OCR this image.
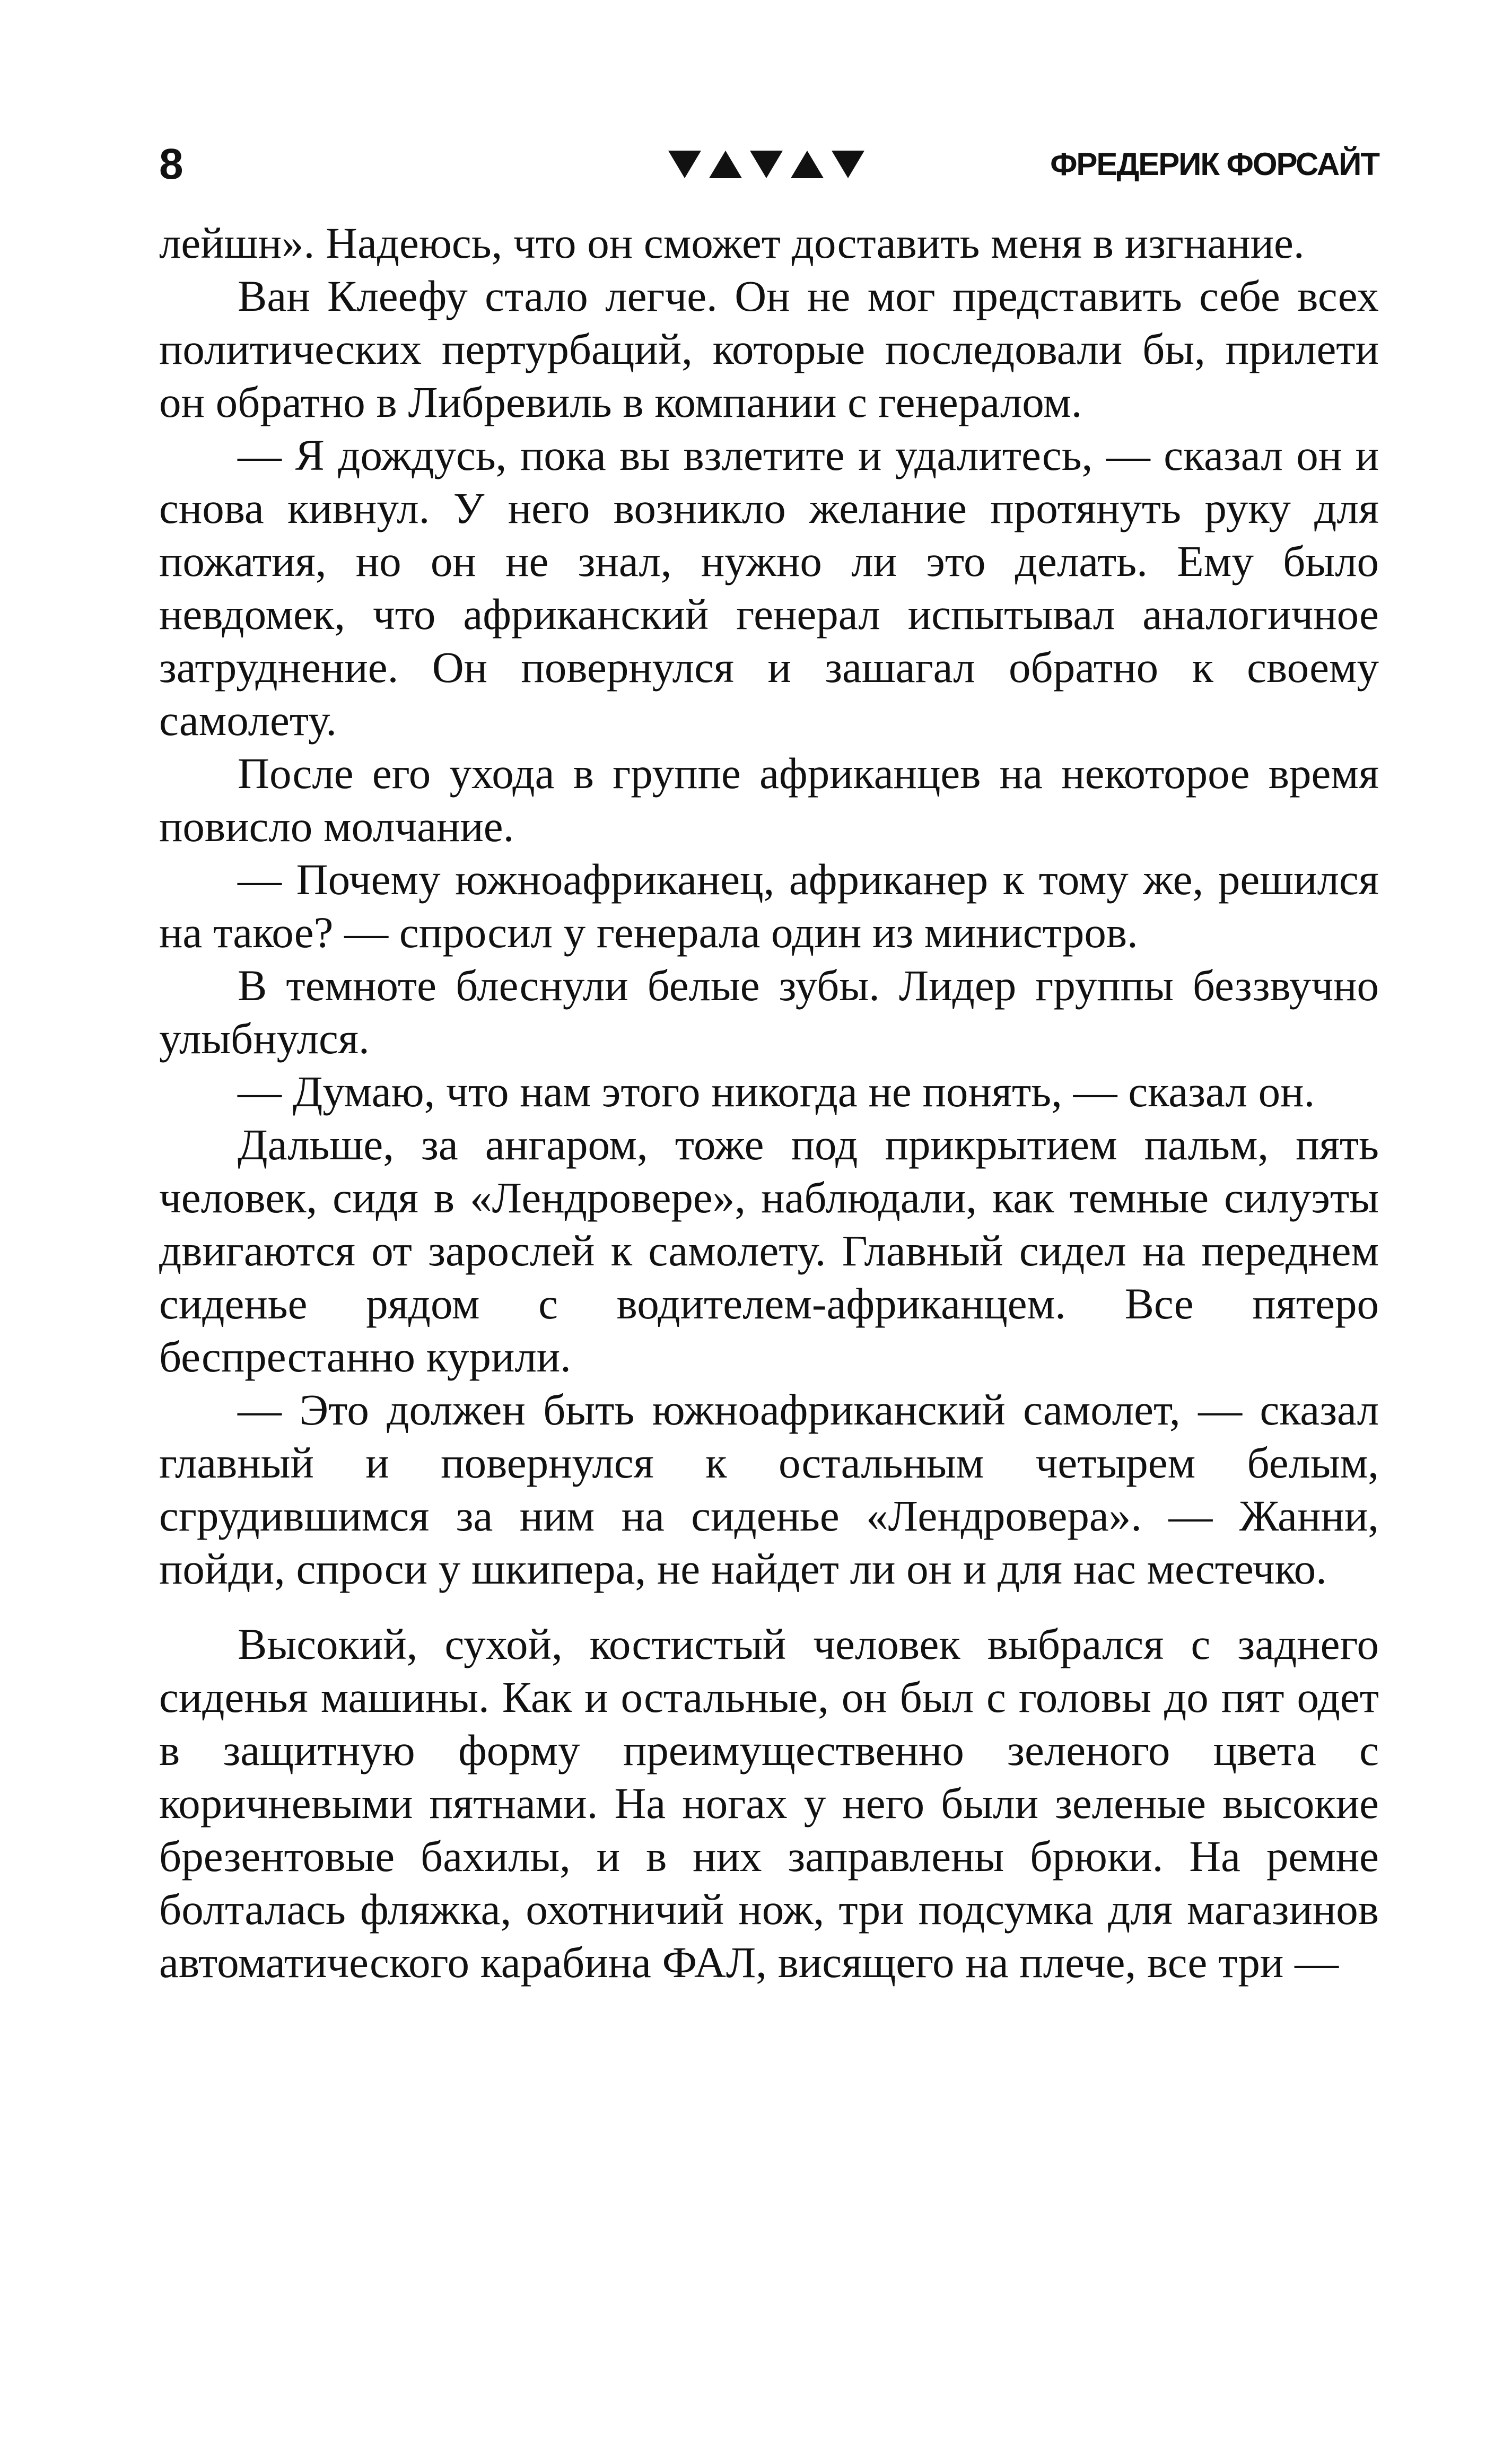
8	ФРЕДЕРИК ФОРСАЙТ

лейшн». Надеюсь, что он сможет доставить меня в изгнание.

Ван Клеефу стало легче. Он не мог представить себе всех политических пертурбаций, которые последовали бы, прилети он обратно в Либревиль в компании с генералом.

— Я дождусь, пока вы взлетите и удалитесь, — сказал он и снова кивнул. У него возникло желание протянуть руку для пожатия, но он не знал, нужно ли это делать. Ему было невдомек, что африканский генерал испытывал аналогичное затруднение. Он повернулся и зашагал обратно к своему самолету.

После его ухода в группе африканцев на некоторое время повисло молчание.

— Почему южноафриканец, африканер к тому же, решился на такое? — спросил у генерала один из министров.

В темноте блеснули белые зубы. Лидер группы беззвучно улыбнулся.

— Думаю, что нам этого никогда не понять, — сказал он.

Дальше, за ангаром, тоже под прикрытием пальм, пять человек, сидя в «Лендровере», наблюдали, как темные силуэты двигаются от зарослей к самолету. Главный сидел на переднем сиденье рядом с водителем-африканцем. Все пятеро беспрестанно курили.

— Это должен быть южноафриканский самолет, — сказал главный и повернулся к остальным четырем белым, сгрудившимся за ним на сиденье «Лендровера». — Жанни, пойди, спроси у шкипера, не найдет ли он и для нас местечко.

Высокий, сухой, костистый человек выбрался с заднего сиденья машины. Как и остальные, он был с головы до пят одет в защитную форму преимущественно зеленого цвета с коричневыми пятнами. На ногах у него были зеленые высокие брезентовые бахилы, и в них заправлены брюки. На ремне болталась фляжка, охотничий нож, три подсумка для магазинов автоматического карабина ФАЛ, висящего на плече, все три —
